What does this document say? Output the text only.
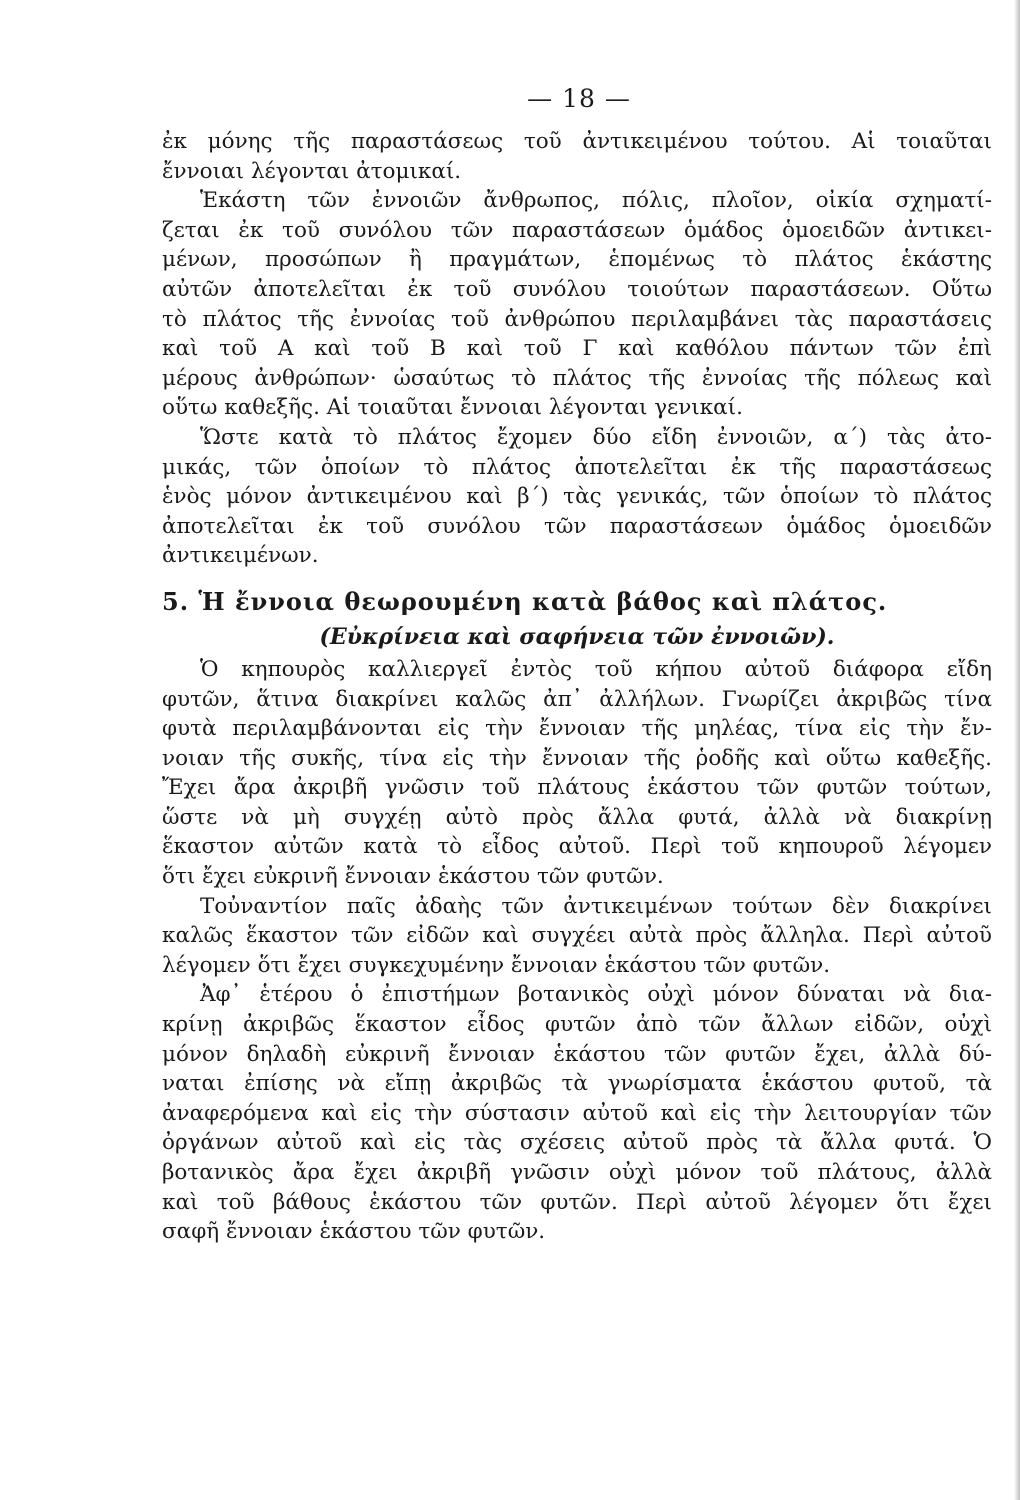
— 18 —
ἐκ μόνης τῆς παραστάσεως τοῦ ἀντικειμένου τούτου. Αἱ τοιαῦται
ἔννοιαι λέγονται ἀτομικαί.
Ἑκάστη τῶν ἐννοιῶν ἄνθρωπος, πόλις, πλοῖον, οἰκία σχηματί-
ζεται ἐκ τοῦ συνόλου τῶν παραστάσεων ὁμάδος ὁμοειδῶν ἀντικει-
μένων, προσώπων ἢ πραγμάτων, ἑπομένως τὸ πλάτος ἑκάστης
αὐτῶν ἀποτελεῖται ἐκ τοῦ συνόλου τοιούτων παραστάσεων. Οὕτω
τὸ πλάτος τῆς ἐννοίας τοῦ ἀνθρώπου περιλαμβάνει τὰς παραστάσεις
καὶ τοῦ Α καὶ τοῦ Β καὶ τοῦ Γ καὶ καθόλου πάντων τῶν ἐπὶ
μέρους ἀνθρώπων· ὡσαύτως τὸ πλάτος τῆς ἐννοίας τῆς πόλεως καὶ
οὕτω καθεξῆς. Αἱ τοιαῦται ἔννοιαι λέγονται γενικαί.
Ὥστε κατὰ τὸ πλάτος ἔχομεν δύο εἴδη ἐννοιῶν, α΄) τὰς ἀτο-
μικάς, τῶν ὁποίων τὸ πλάτος ἀποτελεῖται ἐκ τῆς παραστάσεως
ἑνὸς μόνον ἀντικειμένου καὶ β΄) τὰς γενικάς, τῶν ὁποίων τὸ πλάτος
ἀποτελεῖται ἐκ τοῦ συνόλου τῶν παραστάσεων ὁμάδος ὁμοειδῶν
ἀντικειμένων.
5. Ἡ ἔννοια θεωρουμένη κατὰ βάθος καὶ πλάτος.
(Εὐκρίνεια καὶ σαφήνεια τῶν ἐννοιῶν).
Ὁ κηπουρὸς καλλιεργεῖ ἐντὸς τοῦ κήπου αὐτοῦ διάφορα εἴδη
φυτῶν, ἅτινα διακρίνει καλῶς ἀπ᾽ ἀλλήλων. Γνωρίζει ἀκριβῶς τίνα
φυτὰ περιλαμβάνονται εἰς τὴν ἔννοιαν τῆς μηλέας, τίνα εἰς τὴν ἔν-
νοιαν τῆς συκῆς, τίνα εἰς τὴν ἔννοιαν τῆς ῥοδῆς καὶ οὕτω καθεξῆς.
Ἔχει ἄρα ἀκριβῆ γνῶσιν τοῦ πλάτους ἑκάστου τῶν φυτῶν τούτων,
ὥστε νὰ μὴ συγχέῃ αὐτὸ πρὸς ἄλλα φυτά, ἀλλὰ νὰ διακρίνῃ
ἕκαστον αὐτῶν κατὰ τὸ εἶδος αὐτοῦ. Περὶ τοῦ κηπουροῦ λέγομεν
ὅτι ἔχει εὐκρινῆ ἔννοιαν ἑκάστου τῶν φυτῶν.
Τοὐναντίον παῖς ἀδαὴς τῶν ἀντικειμένων τούτων δὲν διακρίνει
καλῶς ἕκαστον τῶν εἰδῶν καὶ συγχέει αὐτὰ πρὸς ἄλληλα. Περὶ αὐτοῦ
λέγομεν ὅτι ἔχει συγκεχυμένην ἔννοιαν ἑκάστου τῶν φυτῶν.
Ἀφ᾽ ἑτέρου ὁ ἐπιστήμων βοτανικὸς οὐχὶ μόνον δύναται νὰ δια-
κρίνῃ ἀκριβῶς ἕκαστον εἶδος φυτῶν ἀπὸ τῶν ἄλλων εἰδῶν, οὐχὶ
μόνον δηλαδὴ εὐκρινῆ ἔννοιαν ἑκάστου τῶν φυτῶν ἔχει, ἀλλὰ δύ-
ναται ἐπίσης νὰ εἴπῃ ἀκριβῶς τὰ γνωρίσματα ἑκάστου φυτοῦ, τὰ
ἀναφερόμενα καὶ εἰς τὴν σύστασιν αὐτοῦ καὶ εἰς τὴν λειτουργίαν τῶν
ὀργάνων αὐτοῦ καὶ εἰς τὰς σχέσεις αὐτοῦ πρὸς τὰ ἄλλα φυτά. Ὁ
βοτανικὸς ἄρα ἔχει ἀκριβῆ γνῶσιν οὐχὶ μόνον τοῦ πλάτους, ἀλλὰ
καὶ τοῦ βάθους ἑκάστου τῶν φυτῶν. Περὶ αὐτοῦ λέγομεν ὅτι ἔχει
σαφῆ ἔννοιαν ἑκάστου τῶν φυτῶν.
